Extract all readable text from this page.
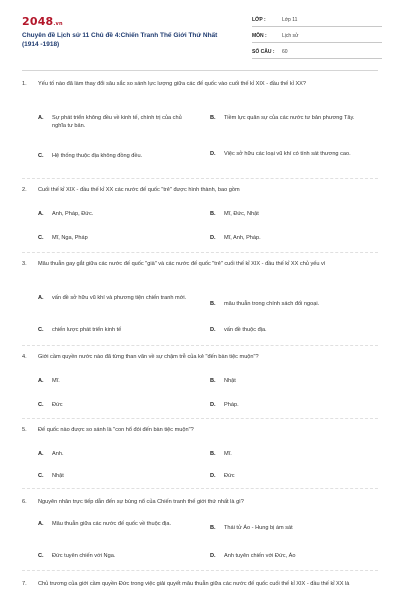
2048.vn
Chuyên đề Lịch sử 11 Chủ đề 4:Chiến Tranh Thế Giới Thứ Nhất (1914 -1918)
LỚP :	Lớp 11
MÔN :	Lịch sử
SỐ CÂU : 60
1.	Yếu tố nào đã làm thay đổi sâu sắc so sánh lực lượng giữa các đế quốc vào cuối thế kỉ XIX - đầu thế kỉ XX?
A.	Sự phát triển không đều về kinh tế, chính trị của chủ nghĩa tư bản.
B.	Tiềm lực quân sự của các nước tư bản phương Tây.
C.	Hệ thống thuộc địa không đồng đều.	D.	Việc sở hữu các loại vũ khí có tính sát thương cao.
2.	Cuối thế kỉ XIX - đầu thế kỉ XX các nước đế quốc "trẻ" được hình thành, bao gồm
A.	Anh, Pháp, Đức.	B.	Mĩ, Đức, Nhật
C.	Mĩ, Nga, Pháp	D.	Mĩ, Anh, Pháp.
3.	Mâu thuẫn gay gắt giữa các nước đế quốc "già" và các nước đế quốc "trẻ" cuối thế kỉ XIX - đầu thế kỉ XX chủ yếu vì
A.	vấn đề sở hữu vũ khí và phương tiện chiến tranh mới.
B.	mâu thuẫn trong chính sách đối ngoại.
C.	chiến lược phát triển kinh tế	D.	vấn đề thuộc địa.
4.	Giới cầm quyền nước nào đã từng than vãn về sự chậm trễ của kẻ "đến bàn tiệc muộn"?
A.	Mĩ.	B.	Nhật
C.	Đức	D.	Pháp.
5.	Đế quốc nào được so sánh là "con hổ đói đến bàn tiệc muộn"?
A.	Anh.	B.	Mĩ.
C.	Nhật	D.	Đức
6.	Nguyên nhân trực tiếp dẫn đến sự bùng nổ của Chiến tranh thế giới thứ nhất là gì?
A.	Mâu thuẫn giữa các nước đế quốc về thuộc địa.
B.	Thái tử Áo - Hung bị ám sát
C.	Đức tuyên chiến với Nga.	D.	Anh tuyên chiến với Đức, Áo
7.	Chủ trương của giới cầm quyền Đức trong việc giải quyết mâu thuẫn giữa các nước đế quốc cuối thế kỉ XIX - đầu thế kỉ XX là
